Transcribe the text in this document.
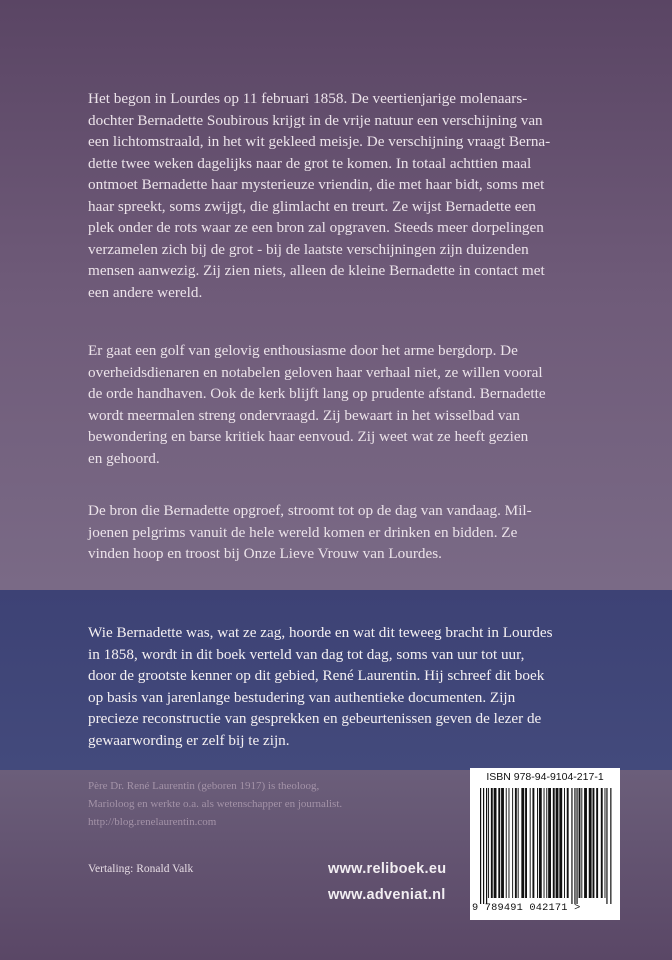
Het begon in Lourdes op 11 februari 1858. De veertienjarige molenaars-
dochter Bernadette Soubirous krijgt in de vrije natuur een verschijning van
een lichtomstraald, in het wit gekleed meisje. De verschijning vraagt Berna-
dette twee weken dagelijks naar de grot te komen. In totaal achttien maal
ontmoet Bernadette haar mysterieuze vriendin, die met haar bidt, soms met
haar spreekt, soms zwijgt, die glimlacht en treurt. Ze wijst Bernadette een
plek onder de rots waar ze een bron zal opgraven. Steeds meer dorpelingen
verzamelen zich bij de grot - bij de laatste verschijningen zijn duizenden
mensen aanwezig. Zij zien niets, alleen de kleine Bernadette in contact met
een andere wereld.
Er gaat een golf van gelovig enthousiasme door het arme bergdorp. De
overheidsdienaren en notabelen geloven haar verhaal niet, ze willen vooral
de orde handhaven. Ook de kerk blijft lang op prudente afstand. Bernadette
wordt meermalen streng ondervraagd. Zij bewaart in het wisselbad van
bewondering en barse kritiek haar eenvoud. Zij weet wat ze heeft gezien
en gehoord.
De bron die Bernadette opgroef, stroomt tot op de dag van vandaag. Mil-
joenen pelgrims vanuit de hele wereld komen er drinken en bidden. Ze
vinden hoop en troost bij Onze Lieve Vrouw van Lourdes.
Wie Bernadette was, wat ze zag, hoorde en wat dit teweeg bracht in Lourdes
in 1858, wordt in dit boek verteld van dag tot dag, soms van uur tot uur,
door de grootste kenner op dit gebied, René Laurentin. Hij schreef dit boek
op basis van jarenlange bestudering van authentieke documenten. Zijn
precieze reconstructie van gesprekken en gebeurtenissen geven de lezer de
gewaarwording er zelf bij te zijn.
Père Dr. René Laurentin (geboren 1917) is theoloog,
Marioloog en werkte o.a. als wetenschapper en journalist.
http://blog.renelaurentin.com
Vertaling: Ronald Valk	www.reliboek.eu
www.adveniat.nl
ISBN 978-94-9104-217-1
9 789491 042171 >
